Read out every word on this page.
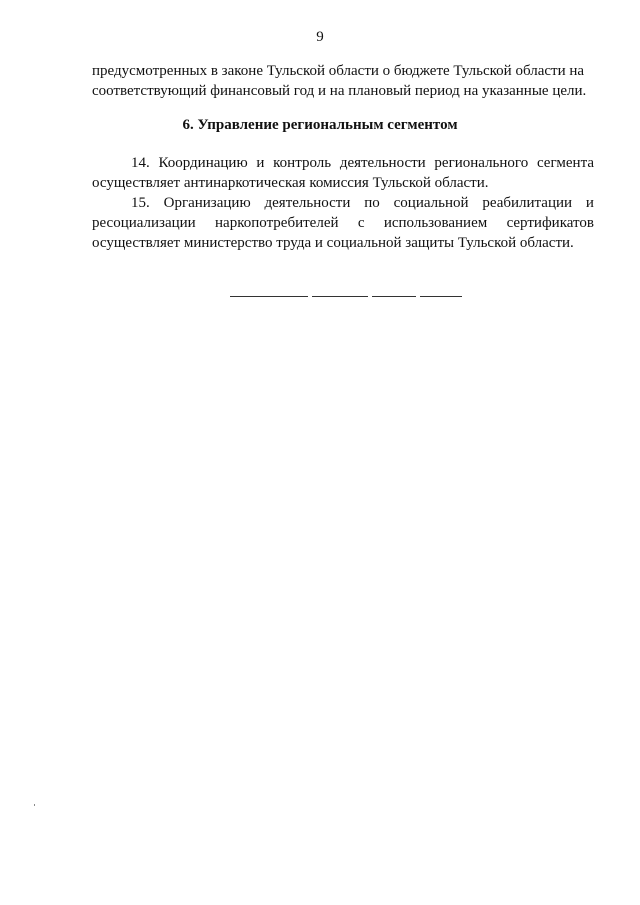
9
предусмотренных в законе Тульской области о бюджете Тульской области на
соответствующий финансовый год и на плановый период на указанные цели.
6. Управление региональным сегментом
14. Координацию и контроль деятельности регионального сегмента
осуществляет антинаркотическая комиссия Тульской области.
15. Организацию деятельности по социальной реабилитации и
ресоциализации наркопотребителей с использованием сертификатов
осуществляет министерство труда и социальной защиты Тульской области.
